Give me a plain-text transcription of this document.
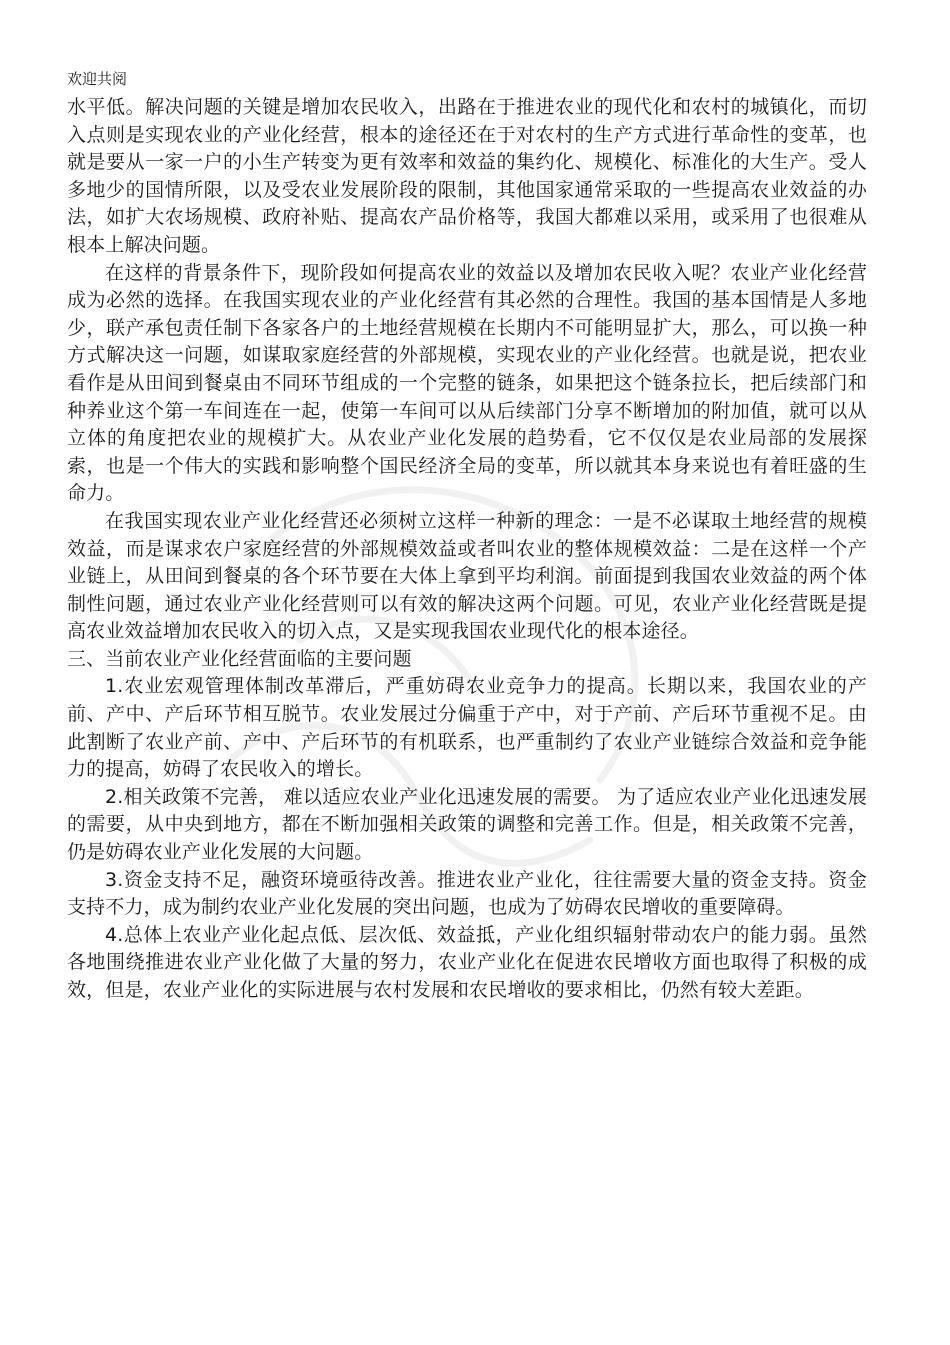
欢迎共阅

水平低。解决问题的关键是增加农民收入，出路在于推进农业的现代化和农村的城镇化，而切入点则是实现农业的产业化经营，根本的途径还在于对农村的生产方式进行革命性的变革，也就是要从一家一户的小生产转变为更有效率和效益的集约化、规模化、标准化的大生产。受人多地少的国情所限，以及受农业发展阶段的限制，其他国家通常采取的一些提高农业效益的办法，如扩大农场规模、政府补贴、提高农产品价格等，我国大都难以采用，或采用了也很难从根本上解决问题。

在这样的背景条件下，现阶段如何提高农业的效益以及增加农民收入呢？农业产业化经营成为必然的选择。在我国实现农业的产业化经营有其必然的合理性。我国的基本国情是人多地少，联产承包责任制下各家各户的土地经营规模在长期内不可能明显扩大，那么，可以换一种方式解决这一问题，如谋取家庭经营的外部规模，实现农业的产业化经营。也就是说，把农业看作是从田间到餐桌由不同环节组成的一个完整的链条，如果把这个链条拉长，把后续部门和种养业这个第一车间连在一起，使第一车间可以从后续部门分享不断增加的附加值，就可以从立体的角度把农业的规模扩大。从农业产业化发展的趋势看，它不仅仅是农业局部的发展探索，也是一个伟大的实践和影响整个国民经济全局的变革，所以就其本身来说也有着旺盛的生命力。

在我国实现农业产业化经营还必须树立这样一种新的理念：一是不必谋取土地经营的规模效益，而是谋求农户家庭经营的外部规模效益或者叫农业的整体规模效益：二是在这样一个产业链上，从田间到餐桌的各个环节要在大体上拿到平均利润。前面提到我国农业效益的两个体制性问题，通过农业产业化经营则可以有效的解决这两个问题。可见，农业产业化经营既是提高农业效益增加农民收入的切入点，又是实现我国农业现代化的根本途径。

三、当前农业产业化经营面临的主要问题

1.农业宏观管理体制改革滞后，严重妨碍农业竞争力的提高。长期以来，我国农业的产前、产中、产后环节相互脱节。农业发展过分偏重于产中，对于产前、产后环节重视不足。由此割断了农业产前、产中、产后环节的有机联系，也严重制约了农业产业链综合效益和竞争能力的提高，妨碍了农民收入的增长。

2.相关政策不完善， 难以适应农业产业化迅速发展的需要。 为了适应农业产业化迅速发展的需要，从中央到地方，都在不断加强相关政策的调整和完善工作。但是，相关政策不完善，仍是妨碍农业产业化发展的大问题。

3.资金支持不足，融资环境亟待改善。推进农业产业化，往往需要大量的资金支持。资金支持不力，成为制约农业产业化发展的突出问题，也成为了妨碍农民增收的重要障碍。

4.总体上农业产业化起点低、层次低、效益抵，产业化组织辐射带动农户的能力弱。虽然各地围绕推进农业产业化做了大量的努力，农业产业化在促进农民增收方面也取得了积极的成效，但是，农业产业化的实际进展与农村发展和农民增收的要求相比，仍然有较大差距。
